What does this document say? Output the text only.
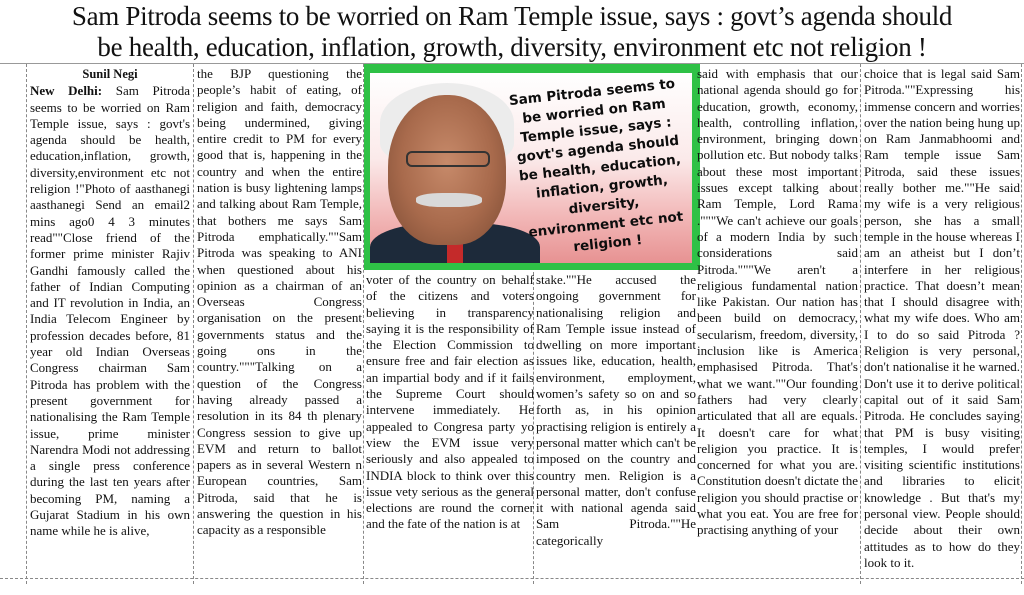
Sam Pitroda seems to be worried on Ram Temple issue, says : govt’s agenda should
be health, education, inflation, growth, diversity, environment etc not religion !
Sunil Negi

New Delhi: Sam Pitroda seems to be worried on Ram Temple issue, says : govt's agenda should be health, education,inflation, growth, diversity,environment etc not religion !"Photo of aasthanegi aasthanegi Send an email2 mins ago0 4 3 minutes read""Close friend of the former prime minister Rajiv Gandhi famously called the father of Indian Computing and IT revolution in India, an India Telecom Engineer by profession decades before, 81 year old Indian Overseas Congress chairman Sam Pitroda has problem with the present government for nationalising the Ram Temple issue, prime minister Narendra Modi not addressing a single press conference during the last ten years after becoming PM, naming a Gujarat Stadium in his own name while he is alive,

the BJP questioning the people’s habit of eating, of religion and faith, democracy being undermined, giving entire credit to PM for every good that is, happening in the country and when the entire nation is busy lightening lamps and talking about Ram Temple, that bothers me says Sam Pitroda emphatically.""Sam Pitroda was speaking to ANI when questioned about his opinion as a chairman of an Overseas Congress organisation on the present governments status and the going ons in the country."""Talking on a question of the Congress having already passed a resolution in its 84 th plenary Congress session to give up EVM and return to ballot papers as in several Western n European countries, Sam Pitroda, said that he is answering the question in his capacity as a responsible

Sam Pitroda seems to
be worried on Ram
Temple issue, says :
govt's agenda should
be health, education,
inflation, growth,
diversity,
environment etc not
religion !

voter of the country on behalf of the citizens and voters believing in transparency saying it is the responsibility of the Election Commission to ensure free and fair election as an impartial body and if it fails the Supreme Court should intervene immediately. He appealed to Congresa party yo view the EVM issue very seriously and also appealed to INDIA block to think over this issue vety serious as the general elections are round the corner and the fate of the nation is at

stake.""He accused the ongoing government for nationalising religion and Ram Temple issue instead of dwelling on more important issues like, education, health, environment, employment, women’s safety so on and so forth as, in his opinion practising religion is entirely a personal matter which can't be imposed on the country and country men. Religion is a personal matter, don't confuse it with national agenda said Sam Pitroda.""He categorically

said with emphasis that our national agenda should go for education, growth, economy, health, controlling inflation, environment, bringing down pollution etc. But nobody talks about these most important issues except talking about Ram Temple, Lord Rama ."""We can't achieve our goals of a modern India by such considerations said Pitroda."""We aren't a religious fundamental nation like Pakistan. Our nation has been build on democracy, secularism, freedom, diversity, inclusion like is America emphasised Pitroda. That's what we want.""Our founding fathers had very clearly articulated that all are equals. It doesn't care for what religion you practice. It is concerned for what you are. Constitution doesn't dictate the religion you should practise or what you eat. You are free for practising anything of your

choice that is legal said Sam Pitroda.""Expressing his immense concern and worries over the nation being hung up on Ram Janmabhoomi and Ram temple issue Sam Pitroda, said these issues really bother me.""He said my wife is a very religious person, she has a small temple in the house whereas I am an atheist but I don’t interfere in her religious practice. That doesn’t mean that I should disagree with what my wife does. Who am I to do so said Pitroda ? Religion is very personal, don't nationalise it he warned. Don't use it to derive political capital out of it said Sam Pitroda. He concludes saying that PM is busy visiting temples, I would prefer visiting scientific institutions and libraries to elicit knowledge . But that's my personal view. People should decide about their own attitudes as to how do they look to it.
